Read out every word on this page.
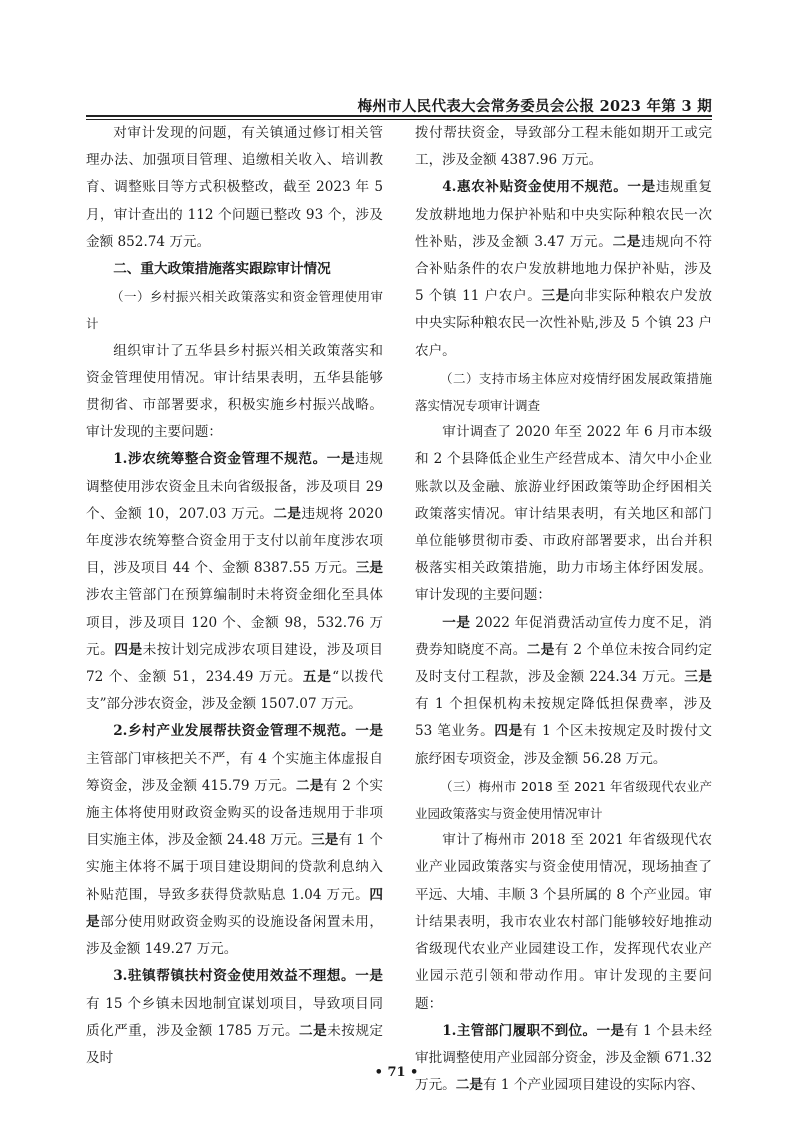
梅州市人民代表大会常务委员会公报 2023 年第 3 期

对审计发现的问题，有关镇通过修订相关管理办法、加强项目管理、追缴相关收入、培训教育、调整账目等方式积极整改，截至 2023 年 5 月，审计查出的 112 个问题已整改 93 个，涉及金额 852.74 万元。

二、重大政策措施落实跟踪审计情况

（一）乡村振兴相关政策落实和资金管理使用审计

组织审计了五华县乡村振兴相关政策落实和资金管理使用情况。审计结果表明，五华县能够贯彻省、市部署要求，积极实施乡村振兴战略。审计发现的主要问题：

1.涉农统筹整合资金管理不规范。一是违规调整使用涉农资金且未向省级报备，涉及项目 29 个、金额 10，207.03 万元。二是违规将 2020 年度涉农统筹整合资金用于支付以前年度涉农项目，涉及项目 44 个、金额 8387.55 万元。三是涉农主管部门在预算编制时未将资金细化至具体项目，涉及项目 120 个、金额 98，532.76 万元。四是未按计划完成涉农项目建设，涉及项目 72 个、金额 51，234.49 万元。五是“以拨代支”部分涉农资金，涉及金额 1507.07 万元。

2.乡村产业发展帮扶资金管理不规范。一是主管部门审核把关不严，有 4 个实施主体虚报自筹资金，涉及金额 415.79 万元。二是有 2 个实施主体将使用财政资金购买的设备违规用于非项目实施主体，涉及金额 24.48 万元。三是有 1 个实施主体将不属于项目建设期间的贷款利息纳入补贴范围，导致多获得贷款贴息 1.04 万元。四是部分使用财政资金购买的设施设备闲置未用，涉及金额 149.27 万元。

3.驻镇帮镇扶村资金使用效益不理想。一是有 15 个乡镇未因地制宜谋划项目，导致项目同质化严重，涉及金额 1785 万元。二是未按规定及时

拨付帮扶资金，导致部分工程未能如期开工或完工，涉及金额 4387.96 万元。

4.惠农补贴资金使用不规范。一是违规重复发放耕地地力保护补贴和中央实际种粮农民一次性补贴，涉及金额 3.47 万元。二是违规向不符合补贴条件的农户发放耕地地力保护补贴，涉及 5 个镇 11 户农户。三是向非实际种粮农户发放中央实际种粮农民一次性补贴,涉及 5 个镇 23 户农户。

（二）支持市场主体应对疫情纾困发展政策措施落实情况专项审计调查

审计调查了 2020 年至 2022 年 6 月市本级和 2 个县降低企业生产经营成本、清欠中小企业账款以及金融、旅游业纾困政策等助企纾困相关政策落实情况。审计结果表明，有关地区和部门单位能够贯彻市委、市政府部署要求，出台并积极落实相关政策措施，助力市场主体纾困发展。审计发现的主要问题：

一是 2022 年促消费活动宣传力度不足，消费券知晓度不高。二是有 2 个单位未按合同约定及时支付工程款，涉及金额 224.34 万元。三是有 1 个担保机构未按规定降低担保费率，涉及 53 笔业务。四是有 1 个区未按规定及时拨付文旅纾困专项资金，涉及金额 56.28 万元。

（三）梅州市 2018 至 2021 年省级现代农业产业园政策落实与资金使用情况审计

审计了梅州市 2018 至 2021 年省级现代农业产业园政策落实与资金使用情况，现场抽查了平远、大埔、丰顺 3 个县所属的 8 个产业园。审计结果表明，我市农业农村部门能够较好地推动省级现代农业产业园建设工作，发挥现代农业产业园示范引领和带动作用。审计发现的主要问题：

1.主管部门履职不到位。一是有 1 个县未经审批调整使用产业园部分资金，涉及金额 671.32 万元。二是有 1 个产业园项目建设的实际内容、

• 71 •
